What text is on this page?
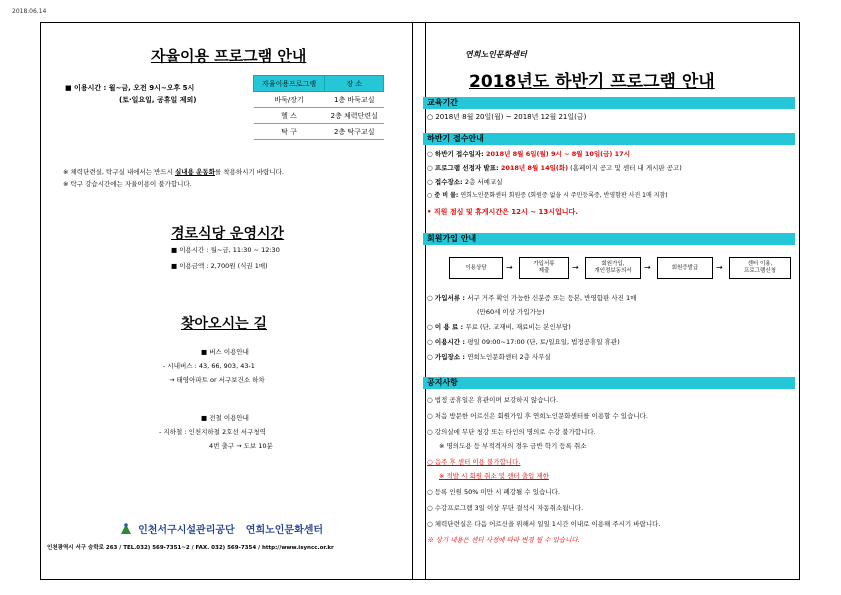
2018.06.14
자율이용 프로그램 안내
■ 이용시간 : 월~금, 오전 9시~오후 5시
(토·일요일, 공휴일 제외)
자율이용프로그램	장 소
바둑/장기	1층 바둑교실
헬 스	2층 체력단련실
탁 구	2층 탁구교실
※ 체력단련실, 탁구실 내에서는 반드시 실내용 운동화를 착용하시기 바랍니다.
※ 탁구 강습시간에는 자율이용이 불가합니다.
경로식당 운영시간
■ 이용시간 : 월~금, 11:30 ~ 12:30
■ 이용금액 : 2,700원 (식권 1매)
찾아오시는 길
■ 버스 이용안내
- 시내버스 : 43, 66, 903, 43-1
→ 태영아파트 or 서구보건소 하차
■ 전철 이용안내
- 지하철 : 인천지하철 2호선 서구청역
4번 출구 → 도보 10분
인천서구시설관리공단 연희노인문화센터
인천광역시 서구 승학로 263 / TEL.032) 569-7351~2 / FAX. 032) 569-7354 / http://www.isyncc.or.kr
연희노인문화센터
2018년도 하반기 프로그램 안내
교육기간
○ 2018년 8월 20일(월) ~ 2018년 12월 21일(금)
하반기 접수안내
○ 하반기 접수일자: 2018년 8월 6일(월) 9시 ~ 8월 10일(금) 17시
○ 프로그램 선정자 발표: 2018년 8월 14일(화) (홈페이지 공고 및 센터 내 게시판 공고)
○ 접수장소: 2층 서예교실
○ 준 비 물: 연희노인문화센터 회원증 (회원증 없을 시 주민등록증, 반영함판 사진 1매 지참)
• 직원 점심 및 휴게시간은 12시 ~ 13시입니다.
회원가입 안내
이용상담	→	가입서류
제출	→	회원가입,
개인정보동의서	→	회원증발급	→	센터 이용,
프로그램신청
○ 가입서류 : 서구 거주 확인 가능한 신분증 또는 등본, 반영함판 사진 1매
(만60세 이상 가입가능)
○ 이 용 료 : 무료 (단, 교재비, 재료비는 본인부담)
○ 이용시간 : 평일 09:00~17:00 (단, 토/일요일, 법정공휴일 휴관)
○ 가입장소 : 연희노인문화센터 2층 사무실
공지사항
○ 법정 공휴일은 휴관이며 보강하지 않습니다.
○ 처음 방문한 어르신은 회원가입 후 연희노인문화센터를 이용할 수 있습니다.
○ 강의실에 무단 청강 또는 타인의 명의로 수강 불가합니다.
※ 명의도용 등 부적격자의 경우 금반 학기 등록 취소
○ 음주 후 센터 이용 불가합니다.
※ 적발 시 회원 취소 및 센터 출입 제한
○ 등록 인원 50% 미만 시 폐강될 수 있습니다.
○ 수강프로그램 3일 이상 무단 결석시 자동취소됩니다.
○ 체력단련실은 다음 어르신을 위해서 일일 1시간 이내로 이용해 주시기 바랍니다.
※ 상기 내용은 센터 사정에 따라 변경 될 수 있습니다.
